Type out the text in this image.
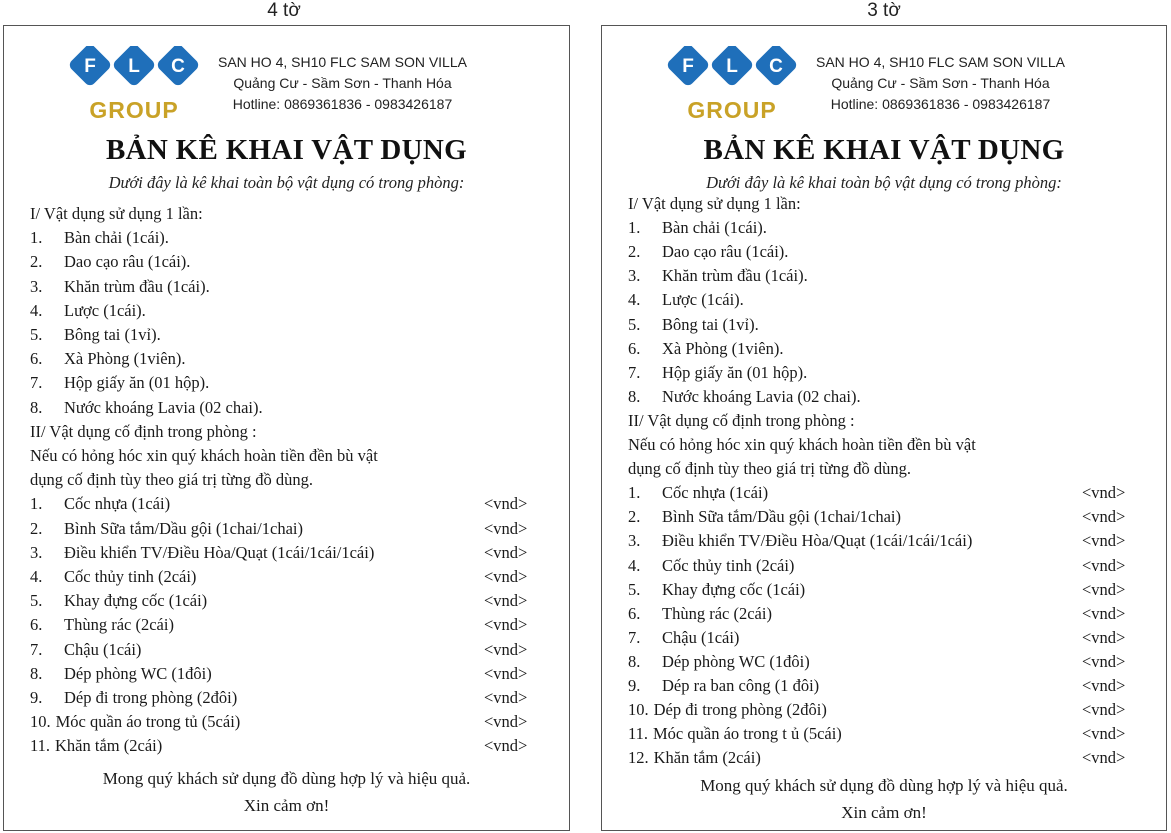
4 tờ	3 tờ
F L C
GROUP
SAN HO 4, SH10 FLC SAM SON VILLA
Quảng Cư - Sầm Sơn - Thanh Hóa
Hotline: 0869361836 - 0983426187
BẢN KÊ KHAI VẬT DỤNG
Dưới đây là kê khai toàn bộ vật dụng có trong phòng:
I/ Vật dụng sử dụng 1 lần:
1. Bàn chải (1cái).
2. Dao cạo râu (1cái).
3. Khăn trùm đầu (1cái).
4. Lược (1cái).
5. Bông tai (1vỉ).
6. Xà Phòng (1viên).
7. Hộp giấy ăn (01 hộp).
8. Nước khoáng Lavia (02 chai).
II/ Vật dụng cố định trong phòng :
Nếu có hỏng hóc xin quý khách hoàn tiền đền bù vật
dụng cố định tùy theo giá trị từng đồ dùng.
1. Cốc nhựa (1cái)	<vnd>
2. Bình Sữa tắm/Dầu gội (1chai/1chai)	<vnd>
3. Điều khiển TV/Điều Hòa/Quạt (1cái/1cái/1cái)	<vnd>
4. Cốc thủy tinh (2cái)	<vnd>
5. Khay đựng cốc (1cái)	<vnd>
6. Thùng rác (2cái)	<vnd>
7. Chậu (1cái)	<vnd>
8. Dép phòng WC (1đôi)	<vnd>
9. Dép đi trong phòng (2đôi)	<vnd>
10. Móc quần áo trong tủ (5cái)	<vnd>
11. Khăn tắm (2cái)	<vnd>
Mong quý khách sử dụng đồ dùng hợp lý và hiệu quả.
Xin cảm ơn!
F L C
GROUP
SAN HO 4, SH10 FLC SAM SON VILLA
Quảng Cư - Sầm Sơn - Thanh Hóa
Hotline: 0869361836 - 0983426187
BẢN KÊ KHAI VẬT DỤNG
Dưới đây là kê khai toàn bộ vật dụng có trong phòng:
I/ Vật dụng sử dụng 1 lần:
1. Bàn chải (1cái).
2. Dao cạo râu (1cái).
3. Khăn trùm đầu (1cái).
4. Lược (1cái).
5. Bông tai (1vỉ).
6. Xà Phòng (1viên).
7. Hộp giấy ăn (01 hộp).
8. Nước khoáng Lavia (02 chai).
II/ Vật dụng cố định trong phòng :
Nếu có hỏng hóc xin quý khách hoàn tiền đền bù vật
dụng cố định tùy theo giá trị từng đồ dùng.
1. Cốc nhựa (1cái)	<vnd>
2. Bình Sữa tắm/Dầu gội (1chai/1chai)	<vnd>
3. Điều khiển TV/Điều Hòa/Quạt (1cái/1cái/1cái)	<vnd>
4. Cốc thủy tinh (2cái)	<vnd>
5. Khay đựng cốc (1cái)	<vnd>
6. Thùng rác (2cái)	<vnd>
7. Chậu (1cái)	<vnd>
8. Dép phòng WC (1đôi)	<vnd>
9. Dép ra ban công (1 đôi)	<vnd>
10. Dép đi trong phòng (2đôi)	<vnd>
11. Móc quần áo trong t ủ (5cái)	<vnd>
12. Khăn tắm (2cái)	<vnd>
Mong quý khách sử dụng đồ dùng hợp lý và hiệu quả.
Xin cảm ơn!
